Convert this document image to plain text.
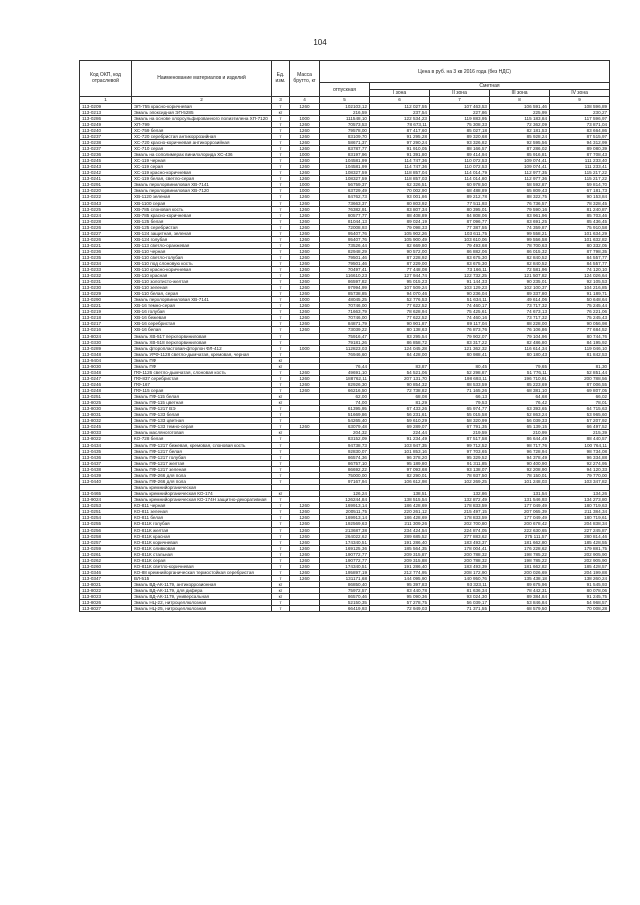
104
Код ОКП, код отраслевой	Наименование материалов и изделий	Ед. изм.	Масса брутто, кг	Цена в руб. на 3 кв 2016 года (без НДС)				
				отпускная	Сметная			
					I зона	II зона	III зона	IV зона
1	2	3	4	5	6	7	8	9
113-0209	ЭП-755 красно-коричневая	т	1260	102103,12	112 027,55	107 463,53	106 591,46	108 596,89
113-0213	Эмаль эпоксидная ЭП-5285	кг		216,59	237,54	227,86	225,99	230,27
113-0286	Эмаль на основе хлорсульфированного полиэтилена ХП-7120	т	1000	111548,10	122 534,23	119 883,95	115 183,84	117 596,97
113-0249	ХП-799	т	1260	70573,53	78 673,11	75 308,33	72 362,09	73 871,04
113-0240	ХС-759 белая	т	1260	79578,00	87 417,60	85 027,18	82 181,53	83 664,86
113-0237	ХС-720 серебристая антикоррозийная	т	1260	83109,70	91 295,28	89 320,68	85 928,24	87 515,97
113-0238	ХС-720 красно-коричневая антикоррозийная	т	1260	58671,37	97 290,24	93 326,82	92 595,56	94 312,99
113-0237	ХС-710 серая	т	1260	83787,77	91 910,05	88 166,57	87 286,02	89 080,39
113-0236	Эмаль на сополимерах винилхлорида ХС-436	т	1000	83197,96	91 391,80	89 414,94	85 916,81	87 708,43
113-0245	ХС-119 черная	т	1260	104581,99	114 747,36	110 072,53	109 074,41	111 233,40
113-0243	ХС-119 серая	т	1260	104581,99	114 747,36	110 072,53	109 074,41	111 233,41
113-0242	ХС-119 красно-коричневая	т	1260	108327,59	118 857,04	114 014,79	112 977,35	115 217,22
113-0241	ХС-119 белая, светло-серая	т	1260	108327,59	118 857,03	114 014,80	112 977,36	115 217,22
113-0291	Эмаль перхлорвиниловая ХВ-7141	т	1000	56759,37	62 326,51	60 978,50	58 592,87	59 814,70
113-0220	Эмаль перхлорвиниловая ХВ-7120	т	1000	63729,49	70 002,90	68 488,89	65 809,43	67 181,73
113-0222	ХВ-1120 зеленая	т	1260	84762,73	93 001,86	89 212,78	88 322,75	90 153,84
113-0343	ХВ-1100 серая	т	1260	73663,37	80 803,92	77 511,93	76 736,57	78 328,45
113-0225	ХВ-785 слоновая кость	т	1260	76382,91	83 807,34	80 395,01	79 590,16	81 240,87
113-0224	ХВ-785 красно-коричневая	т	1260	80577,77	88 408,89	84 808,06	83 961,96	85 703,46
113-0228	ХВ-125 белая	т	1260	81044,13	89 024,19	87 096,77	83 691,25	85 436,45
113-0226	ХВ-125 серебристая	т	1260	72008,93	79 098,33	77 387,55	74 359,87	75 910,58
113-0227	ХВ-124 защитная, зеленая	т	1260	95407,76	105 902,26	103 611,75	99 558,21	101 634,29
113-0226	ХВ-124 голубая	т	1260	95407,76	105 900,49	103 610,06	99 556,58	101 632,82
113-0221	ХВ-113 светло-оранжевая	т	1260	73526,44	82 669,80	79 493,68	78 700,63	80 332,05
113-0236	ХВ-110 черная	т	1260	82948,29	90 572,00	86 882,06	86 015,32	87 798,35
113-0235	ХВ-110 светло-голубая	т	1260	79501,46	87 228,92	83 675,30	82 840,52	84 557,77
113-0234	ХВ-110 под слоновую кость	т	1260	79501,46	87 229,00	83 675,30	82 840,52	84 557,77
113-0233	ХВ-110 красно-коричневая	т	1260	70497,41	77 448,08	73 166,11	72 581,96	74 120,10
113-0232	ХВ-110 красная	т	1260	116610,23	127 944,74	122 732,25	121 507,82	124 026,64
113-0231	ХВ-110 золотисто-желтая	т	1260	86597,82	95 015,23	91 144,33	90 235,01	92 105,53
113-0230	ХВ-110 зеленая	т	1260	97994,99	107 509,24	103 129,23	102 100,37	104 216,85
113-0229	ХВ-110 белая, серая	т	1260	85738,85	94 070,46	90 236,04	89 337,80	91 189,71
113-0290	Эмаль перхлорвиниловая ХВ-7141	т	1000	48045,25	52 776,53	51 634,11	49 614,06	50 648,64
113-0221	ХВ-16 темно-серая	т	1260	70746,00	77 622,52	74 460,17	73 717,32	75 245,44
113-0219	ХВ-16 голубая	т	1260	71663,79	78 628,94	75 425,61	74 673,13	76 221,06
113-0218	ХВ-16 бежевая	т	1260	70746,00	77 622,52	74 460,16	73 717,32	75 245,43
113-0217	ХВ-16 серебристая	т	1260	84871,79	90 901,87	89 117,04	88 228,00	90 056,98
113-0216	ХВ-16 белая	т	1260	73039,22	80 138,63	76 873,76	76 106,86	77 684,52
113-8024	Эмаль ХВ-517 перхлорвиниловая	т		75916,47	83 295,54	79 902,07	79 104,96	80 744,76
113-0330	Эмаль ХВ-518 перхлорвиниловая	т		79181,26	86 858,72	83 317,22	82 486,80	84 195,92
113-0289	Эмаль фторопластовая-фторлон ФЛ-412	т	1000	112823,03	124 045,28	121 362,32	116 614,34	119 046,10
113-0348	Эмаль УРФ-1128 светло-дымчатая, кремовая, черная	т		76946,60	84 428,00	80 988,41	80 180,43	81 842,53
113-9404	Эмаль ПФ	кг						
113-9030	Эмаль ПФ	кг		76,44	83,87	80,45	79,65	81,30
113-0348	ПФ-1126 светло-дымчатая, слоновая кость	т	1260	49691,10	54 521,06	52 298,87	51 776,11	52 851,44
113-0247	ПФ-837 серебристая	т	1260	188762,11	207 131,70	198 693,11	196 710,91	200 788,56
113-0246	ПФ-167	т	1260	82926,30	90 854,32	88 533,59	85 223,69	87 006,55
113-0248	ПФ-115 серая	т	1260	66216,50	72 738,82	71 165,26	68 381,10	69 807,05
113-0251	Эмаль ПФ-115 белая	кг		62,00	68,08	66,13	64,68	66,02
113-8025	Эмаль ПФ-115 цветная	кг		74,00	81,29	79,53	76,42	78,01
113-8030	Эмаль ПФ-1217 ВЭ	т		61395,95	67 433,26	65 974,77	63 393,65	64 715,63
113-8031	Эмаль ПФ-133 белая	т		51669,86	56 231,61	55 015,58	52 863,24	53 965,60
113-8032	Эмаль ПФ-133 цветная	т		54265,40	59 610,29	58 320,99	56 039,33	57 207,92
113-0245	Эмаль ПФ-133 темно-серая	т	1260	63079,48	69 289,07	67 791,35	65 139,15	66 497,52
113-8033	Эмаль масляноготовая	кг		204,32	224,44	219,59	210,99	215,39
113-8022	КО-728 белая	т		83152,09	91 234,49	87 517,58	86 644,49	88 440,57
113-0434	Эмаль ПФ-1217 бежевая, кремовая, слоновая кость	т		94738,73	103 947,35	99 712,52	98 717,76	100 764,11
113-0435	Эмаль ПФ-1217 белая	т		92830,07	101 853,16	97 703,65	96 728,94	98 734,08
113-0436	Эмаль ПФ-1217 голубая	т		86574,36	96 378,20	95 329,52	94 378,49	96 334,88
113-0437	Эмаль ПФ-1217 желтая	т		86757,10	95 189,80	91 311,85	90 400,90	92 274,95
113-0438	Эмаль ПФ-1217 зеленая	т		86692,22	97 093,68	93 138,07	92 208,90	94 120,33
113-0439	Эмаль ПФ-266 для пола	т		75000,00	82 290,01	78 937,50	78 150,01	79 770,00
113-0440	Эмаль ПФ-266 для пола	т		97167,94	106 612,98	102 269,25	101 248,03	103 347,82
	Эмаль кремнийорганическая							
113-0465	Эмаль кремнийорганическая КО-174	кг		126,24	138,51	132,86	131,54	134,26
113-9024	Эмаль кремнийорганическая КО-174Н защитно-декоративная	т		126244,84	138 515,54	132 872,49	131 546,93	134 273,80
113-0253	КО-811 черная	т	1260	169913,14	186 428,69	178 833,59	177 049,49	180 719,63
113-0251	КО-811 зеленая	т	1260	200511,75	220 261,12	215 497,15	207 065,39	211 384,34
113-0254	КО-811 белая	т	1260	169913,14	186 428,69	178 833,59	177 049,49	180 719,61
113-0255	КО-811К голубая	т	1260	192569,63	211 309,26	202 700,80	200 678,42	204 838,34
113-0256	КО-811К желтая	т	1260	213687,38	234 424,54	224 874,05	222 630,65	227 245,87
113-0258	КО-811К красная	т	1260	264022,62	289 685,52	277 883,62	275 111,57	280 814,46
113-0257	КО-811К коричневая	т	1260	174340,51	191 286,40	183 493,37	181 662,80	185 428,55
113-0259	КО-811К оливковая	т	1260	169125,36	185 564,35	178 004,41	176 228,62	179 881,75
113-0261	КО-811К стальная	т	1260	190772,77	209 315,87	200 788,32	198 785,22	202 905,90
113-0262	КО-811К серая	т	1260	190772,77	209 315,88	200 788,32	198 785,22	202 905,90
113-0260	КО-811К светло-коричневая	т	1260	174340,51	191 286,40	183 493,39	181 662,82	185 428,57
113-0346	КО-88 кремнийорганическая термостойкая серебристая	т	1260	195897,19	212 774,95	208 172,90	200 026,69	204 199,88
113-0347	ВЛ-515	т	1260	131171,68	144 095,90	140 950,76	135 438,18	138 260,24
113-8021	Эмаль ВД-АК-1179, антикоррозионная	кг		86850,40	95 397,83	93 323,11	89 675,96	91 545,93
113-8022	Эмаль ВД-АК-1179, для дифера	кг		75972,57	83 440,78	81 636,34	78 442,31	80 078,06
113-8023	Эмаль ВД-АК-1179, универсальная	кг		86570,46	95 090,36	93 024,30	89 384,84	91 245,75
113-8026	Эмаль НЦ-22, нитроцеллюлозная	т		52150,35	57 278,75	56 039,17	53 846,84	54 968,57
113-8027	Эмаль НЦ-25, нитроцеллюлозная	т		66419,93	72 949,03	71 371,55	68 579,50	70 008,28
